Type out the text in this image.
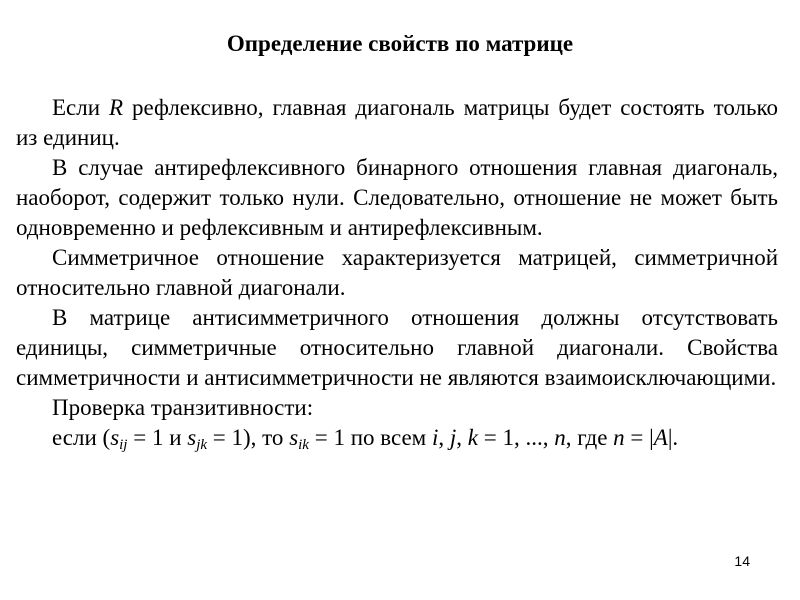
Определение свойств по матрице

Если R рефлексивно, главная диагональ матрицы будет состоять только из единиц.

В случае антирефлексивного бинарного отношения главная диагональ, наоборот, содержит только нули. Следовательно, отношение не может быть одновременно и рефлексивным и антирефлексивным.

Симметричное отношение характеризуется матрицей, симметричной относительно главной диагонали.

В матрице антисимметричного отношения должны отсутствовать единицы, симметричные относительно главной диагонали. Свойства симметричности и антисимметричности не являются взаимоисключающими.

Проверка транзитивности:

если ($s_{ij} = 1$ и $s_{jk} = 1$), то $s_{ik} = 1$ по всем i, j, k = 1, ..., n, где n = |A|.

14
